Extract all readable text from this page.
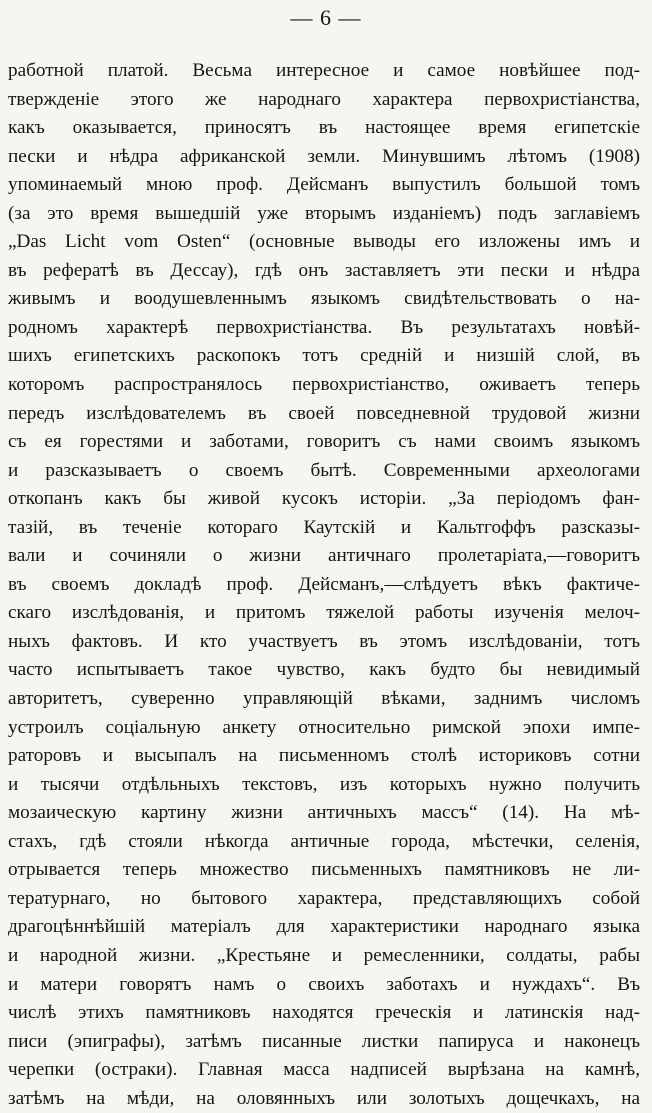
— 6 —
работной платой. Весьма интересное и самое новѣйшее под-
твержденіе этого же народнаго характера первохристіанства,
какъ оказывается, приносятъ въ настоящее время египетскіе
пески и нѣдра африканской земли. Минувшимъ лѣтомъ (1908)
упоминаемый мною проф. Дейсманъ выпустилъ большой томъ
(за это время вышедшій уже вторымъ изданіемъ) подъ заглавіемъ
„Das Licht vom Osten“ (основные выводы его изложены имъ и
въ рефератѣ въ Дессау), гдѣ онъ заставляетъ эти пески и нѣдра
живымъ и воодушевленнымъ языкомъ свидѣтельствовать о на-
родномъ характерѣ первохристіанства. Въ результатахъ новѣй-
шихъ египетскихъ раскопокъ тотъ средній и низшій слой, въ
которомъ распространялось первохристіанство, оживаетъ теперь
передъ изслѣдователемъ въ своей повседневной трудовой жизни
съ ея горестями и заботами, говоритъ съ нами своимъ языкомъ
и разсказываетъ о своемъ бытѣ. Современными археологами
откопанъ какъ бы живой кусокъ исторіи. „За періодомъ фан-
тазій, въ теченіе котораго Каутскій и Кальтгоффъ разсказы-
вали и сочиняли о жизни античнаго пролетаріата,—говоритъ
въ своемъ докладѣ проф. Дейсманъ,—слѣдуетъ вѣкъ фактиче-
скаго изслѣдованія, и притомъ тяжелой работы изученія мелоч-
ныхъ фактовъ. И кто участвуетъ въ этомъ изслѣдованіи, тотъ
часто испытываетъ такое чувство, какъ будто бы невидимый
авторитетъ, суверенно управляющій вѣками, заднимъ числомъ
устроилъ соціальную анкету относительно римской эпохи импе-
раторовъ и высыпалъ на письменномъ столѣ историковъ сотни
и тысячи отдѣльныхъ текстовъ, изъ которыхъ нужно получить
мозаическую картину жизни античныхъ массъ“ (14). На мѣ-
стахъ, гдѣ стояли нѣкогда античные города, мѣстечки, селенія,
отрывается теперь множество письменныхъ памятниковъ не ли-
тературнаго, но бытового характера, представляющихъ собой
драгоцѣннѣйшій матеріалъ для характеристики народнаго языка
и народной жизни. „Крестьяне и ремесленники, солдаты, рабы
и матери говорятъ намъ о своихъ заботахъ и нуждахъ“. Въ
числѣ этихъ памятниковъ находятся греческія и латинскія над-
писи (эпиграфы), затѣмъ писанные листки папируса и наконецъ
черепки (остраки). Главная масса надписей вырѣзана на камнѣ,
затѣмъ на мѣди, на оловянныхъ или золотыхъ дощечкахъ, на
